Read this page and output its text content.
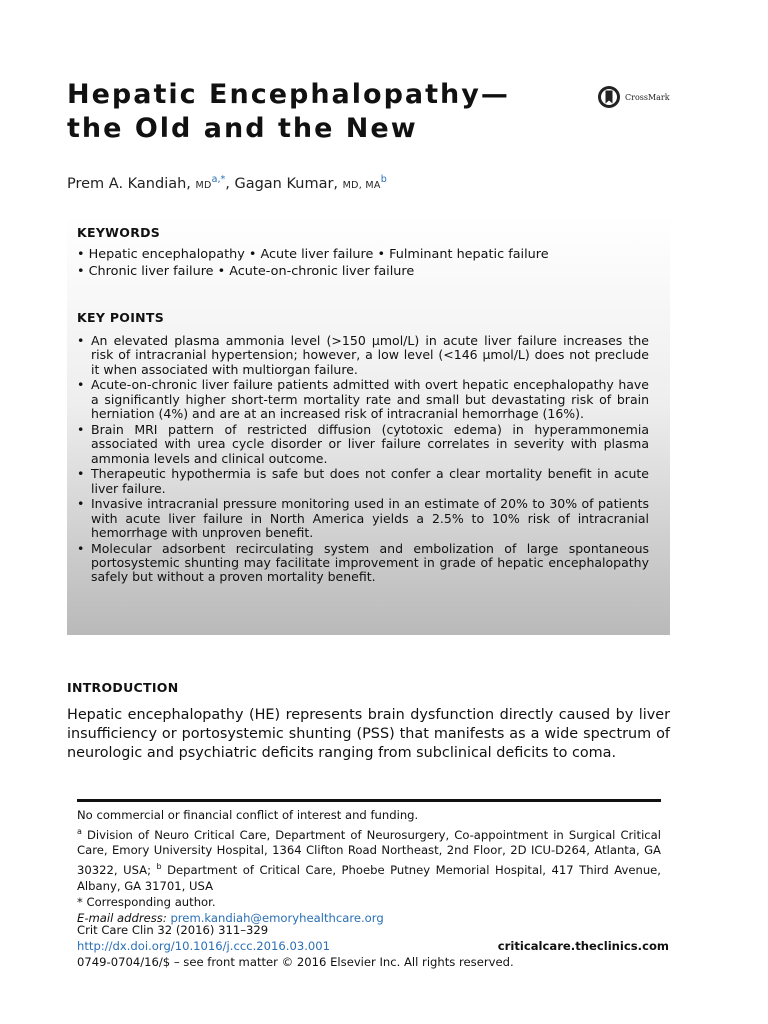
Hepatic Encephalopathy—
the Old and the New
CrossMark
Prem A. Kandiah, $MD^{a,*}$, Gagan Kumar, MD, $MA^b$
KEYWORDS
• Hepatic encephalopathy • Acute liver failure • Fulminant hepatic failure
• Chronic liver failure • Acute-on-chronic liver failure
KEY POINTS
• An elevated plasma ammonia level (>150 μmol/L) in acute liver failure increases the risk of intracranial hypertension; however, a low level (<146 μmol/L) does not preclude it when associated with multiorgan failure.
• Acute-on-chronic liver failure patients admitted with overt hepatic encephalopathy have a significantly higher short-term mortality rate and small but devastating risk of brain herniation (4%) and are at an increased risk of intracranial hemorrhage (16%).
• Brain MRI pattern of restricted diffusion (cytotoxic edema) in hyperammonemia associated with urea cycle disorder or liver failure correlates in severity with plasma ammonia levels and clinical outcome.
• Therapeutic hypothermia is safe but does not confer a clear mortality benefit in acute liver failure.
• Invasive intracranial pressure monitoring used in an estimate of 20% to 30% of patients with acute liver failure in North America yields a 2.5% to 10% risk of intracranial hemorrhage with unproven benefit.
• Molecular adsorbent recirculating system and embolization of large spontaneous portosystemic shunting may facilitate improvement in grade of hepatic encephalopathy safely but without a proven mortality benefit.
INTRODUCTION

Hepatic encephalopathy (HE) represents brain dysfunction directly caused by liver insufficiency or portosystemic shunting (PSS) that manifests as a wide spectrum of neurologic and psychiatric deficits ranging from subclinical deficits to coma.

No commercial or financial conflict of interest and funding.

$^a$ Division of Neuro Critical Care, Department of Neurosurgery, Co-appointment in Surgical Critical Care, Emory University Hospital, 1364 Clifton Road Northeast, 2nd Floor, 2D ICU-D264, Atlanta, GA 30322, USA; $^b$ Department of Critical Care, Phoebe Putney Memorial Hospital, 417 Third Avenue, Albany, GA 31701, USA

* Corresponding author.

E-mail address: prem.kandiah@emoryhealthcare.org

Crit Care Clin 32 (2016) 311–329
http://dx.doi.org/10.1016/j.ccc.2016.03.001	criticalcare.theclinics.com
0749-0704/16/$ – see front matter © 2016 Elsevier Inc. All rights reserved.
